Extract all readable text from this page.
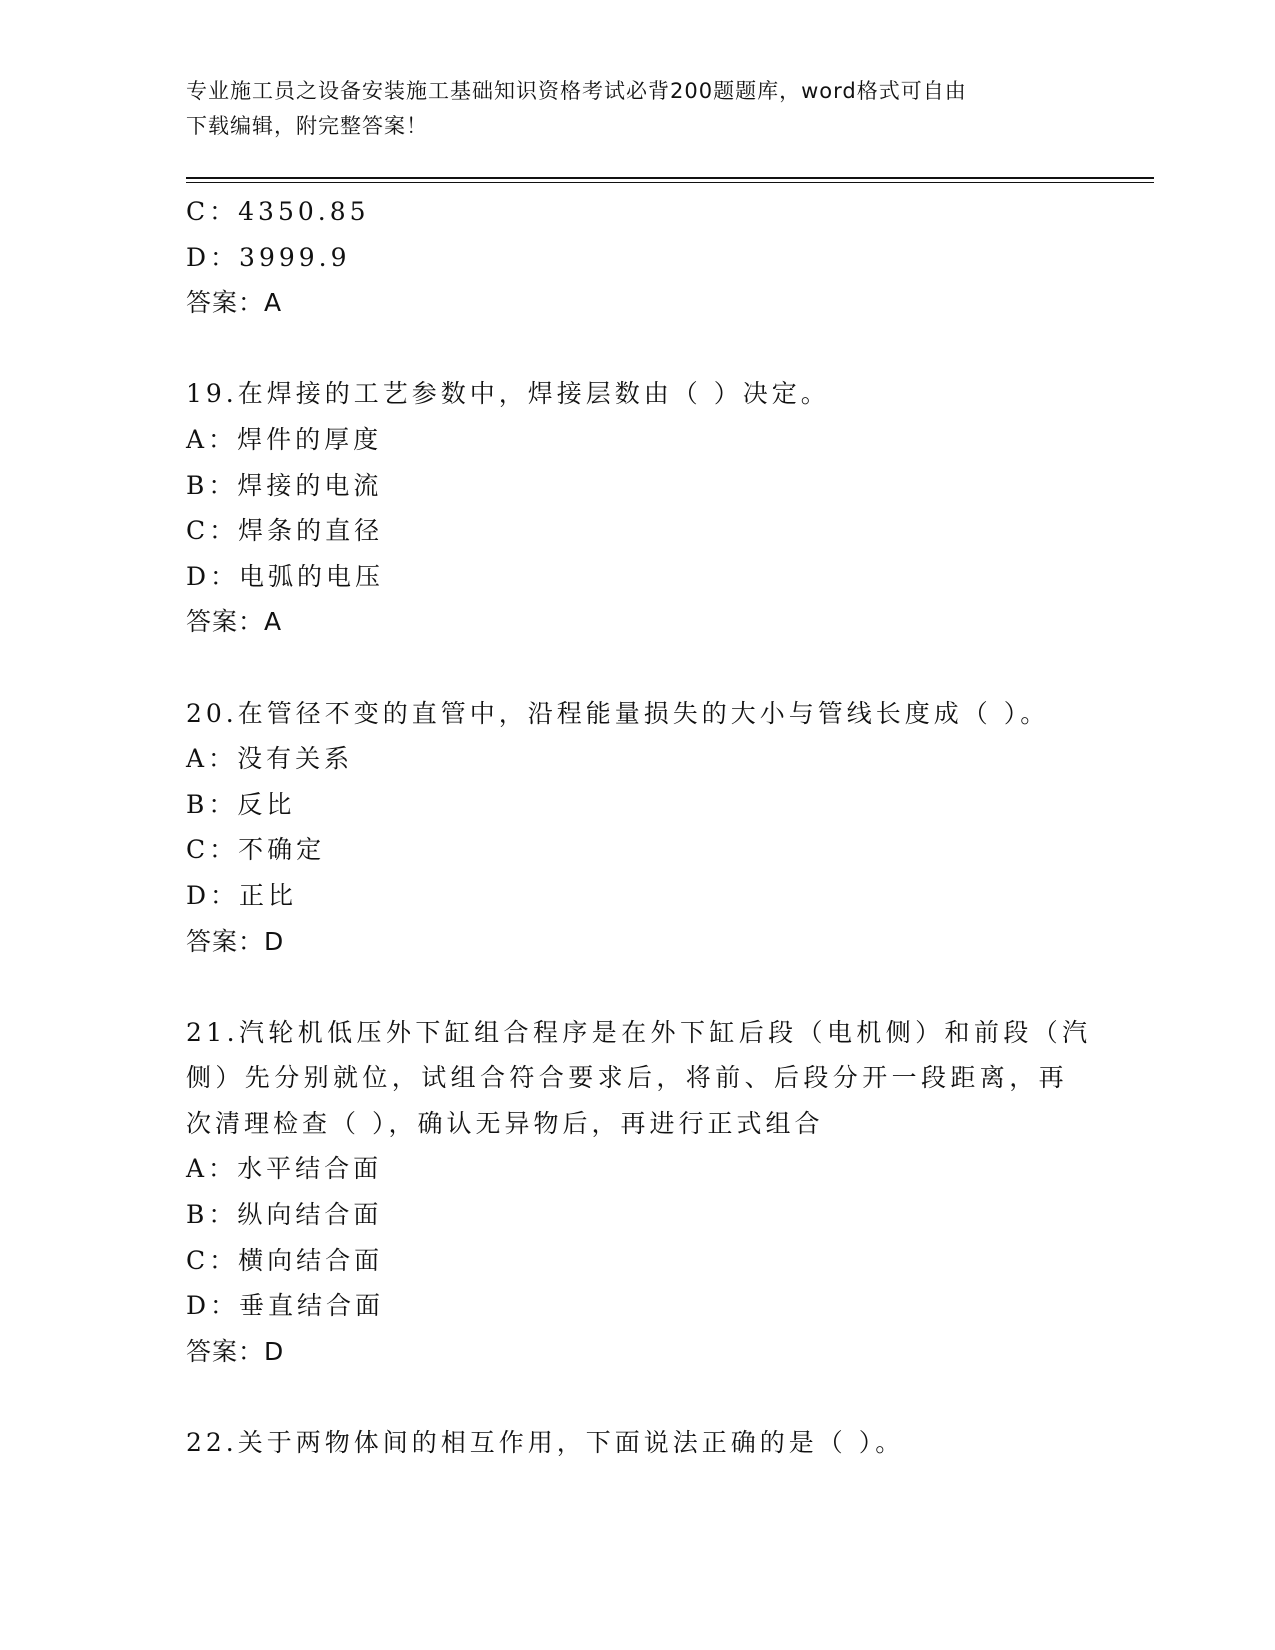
专业施工员之设备安装施工基础知识资格考试必背200题题库，word格式可自由
下载编辑，附完整答案！
C：4350.85
D：3999.9
答案：A
19.在焊接的工艺参数中，焊接层数由（ ）决定。
A：焊件的厚度
B：焊接的电流
C：焊条的直径
D：电弧的电压
答案：A
20.在管径不变的直管中，沿程能量损失的大小与管线长度成（ ）。
A：没有关系
B：反比
C：不确定
D：正比
答案：D
21.汽轮机低压外下缸组合程序是在外下缸后段（电机侧）和前段（汽
侧）先分别就位，试组合符合要求后，将前、后段分开一段距离，再
次清理检查（ ），确认无异物后，再进行正式组合
A：水平结合面
B：纵向结合面
C：横向结合面
D：垂直结合面
答案：D
22.关于两物体间的相互作用，下面说法正确的是（ ）。
